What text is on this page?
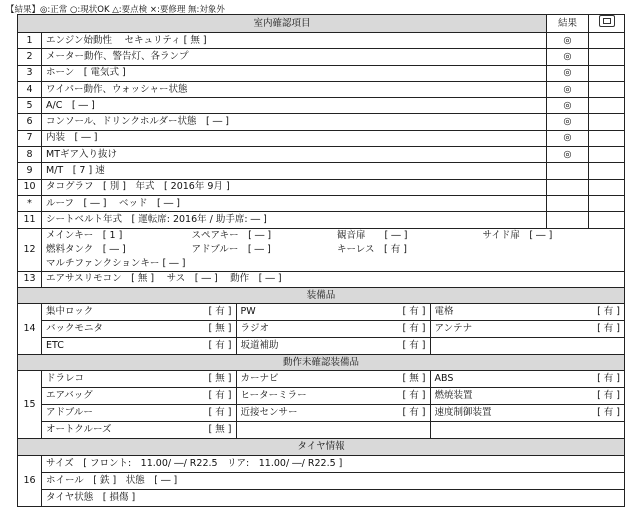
【結果】◎:正常 ○:現状OK △:要点検 ×:要修理 無:対象外
室内確認項目	結果	
1	エンジン始動性　 セキュリティ [ 無 ]	◎	
2	メーター動作、警告灯、各ランプ	◎	
3	ホーン　[ 電気式 ]	◎	
4	ワイパー動作、ウォッシャー状態	◎	
5	A/C　[ ― ]	◎	
6	コンソール、ドリンクホルダー状態　[ ― ]	◎	
7	内装　[ ― ]	◎	
8	MTギア入り抜け	◎	
9	M/T　[ 7 ] 速		
10	タコグラフ　[ 別 ]　年式　[ 2016年 9月 ]		
*	ルーフ　[ ― ]　 ベッド　[ ― ]		
11	シートベルト年式　[ 運転席: 2016年 / 助手席: ― ]		
12	
メインキー　[ 1 ]	スペアキー　[ ― ]	観音扉　　[ ― ]	サイド扉　[ ― ]
燃料タンク　[ ― ]	アドブルー　[ ― ]	キーレス　[ 有 ]	
マルチファンクションキー [ ― ]			

13	エアサスリモコン　[ 無 ]　 サス　[ ― ]　 動作　[ ― ]
装備品
14	
集中ロック	[ 有 ]	PW	[ 有 ]	電格	[ 有 ]

バックモニタ	[ 無 ]	ラジオ	[ 有 ]	アンテナ	[ 有 ]

ETC	[ 有 ]	坂道補助	[ 有 ]

動作未確認装備品
15	
ドラレコ	[ 無 ]	カーナビ	[ 無 ]	ABS	[ 有 ]

エアバッグ	[ 有 ]	ヒーターミラー	[ 有 ]	燃焼装置	[ 有 ]

アドブルー	[ 有 ]	近接センサー	[ 有 ]	速度制御装置	[ 有 ]

オートクルーズ	[ 無 ]

タイヤ情報
16	
サイズ　[ フロント:　11.00/ ―/ R22.5　リア:　11.00/ ―/ R22.5 ]
ホイール　[ 鉄 ]　状態　[ ― ]
タイヤ状態　[ 損傷 ]
